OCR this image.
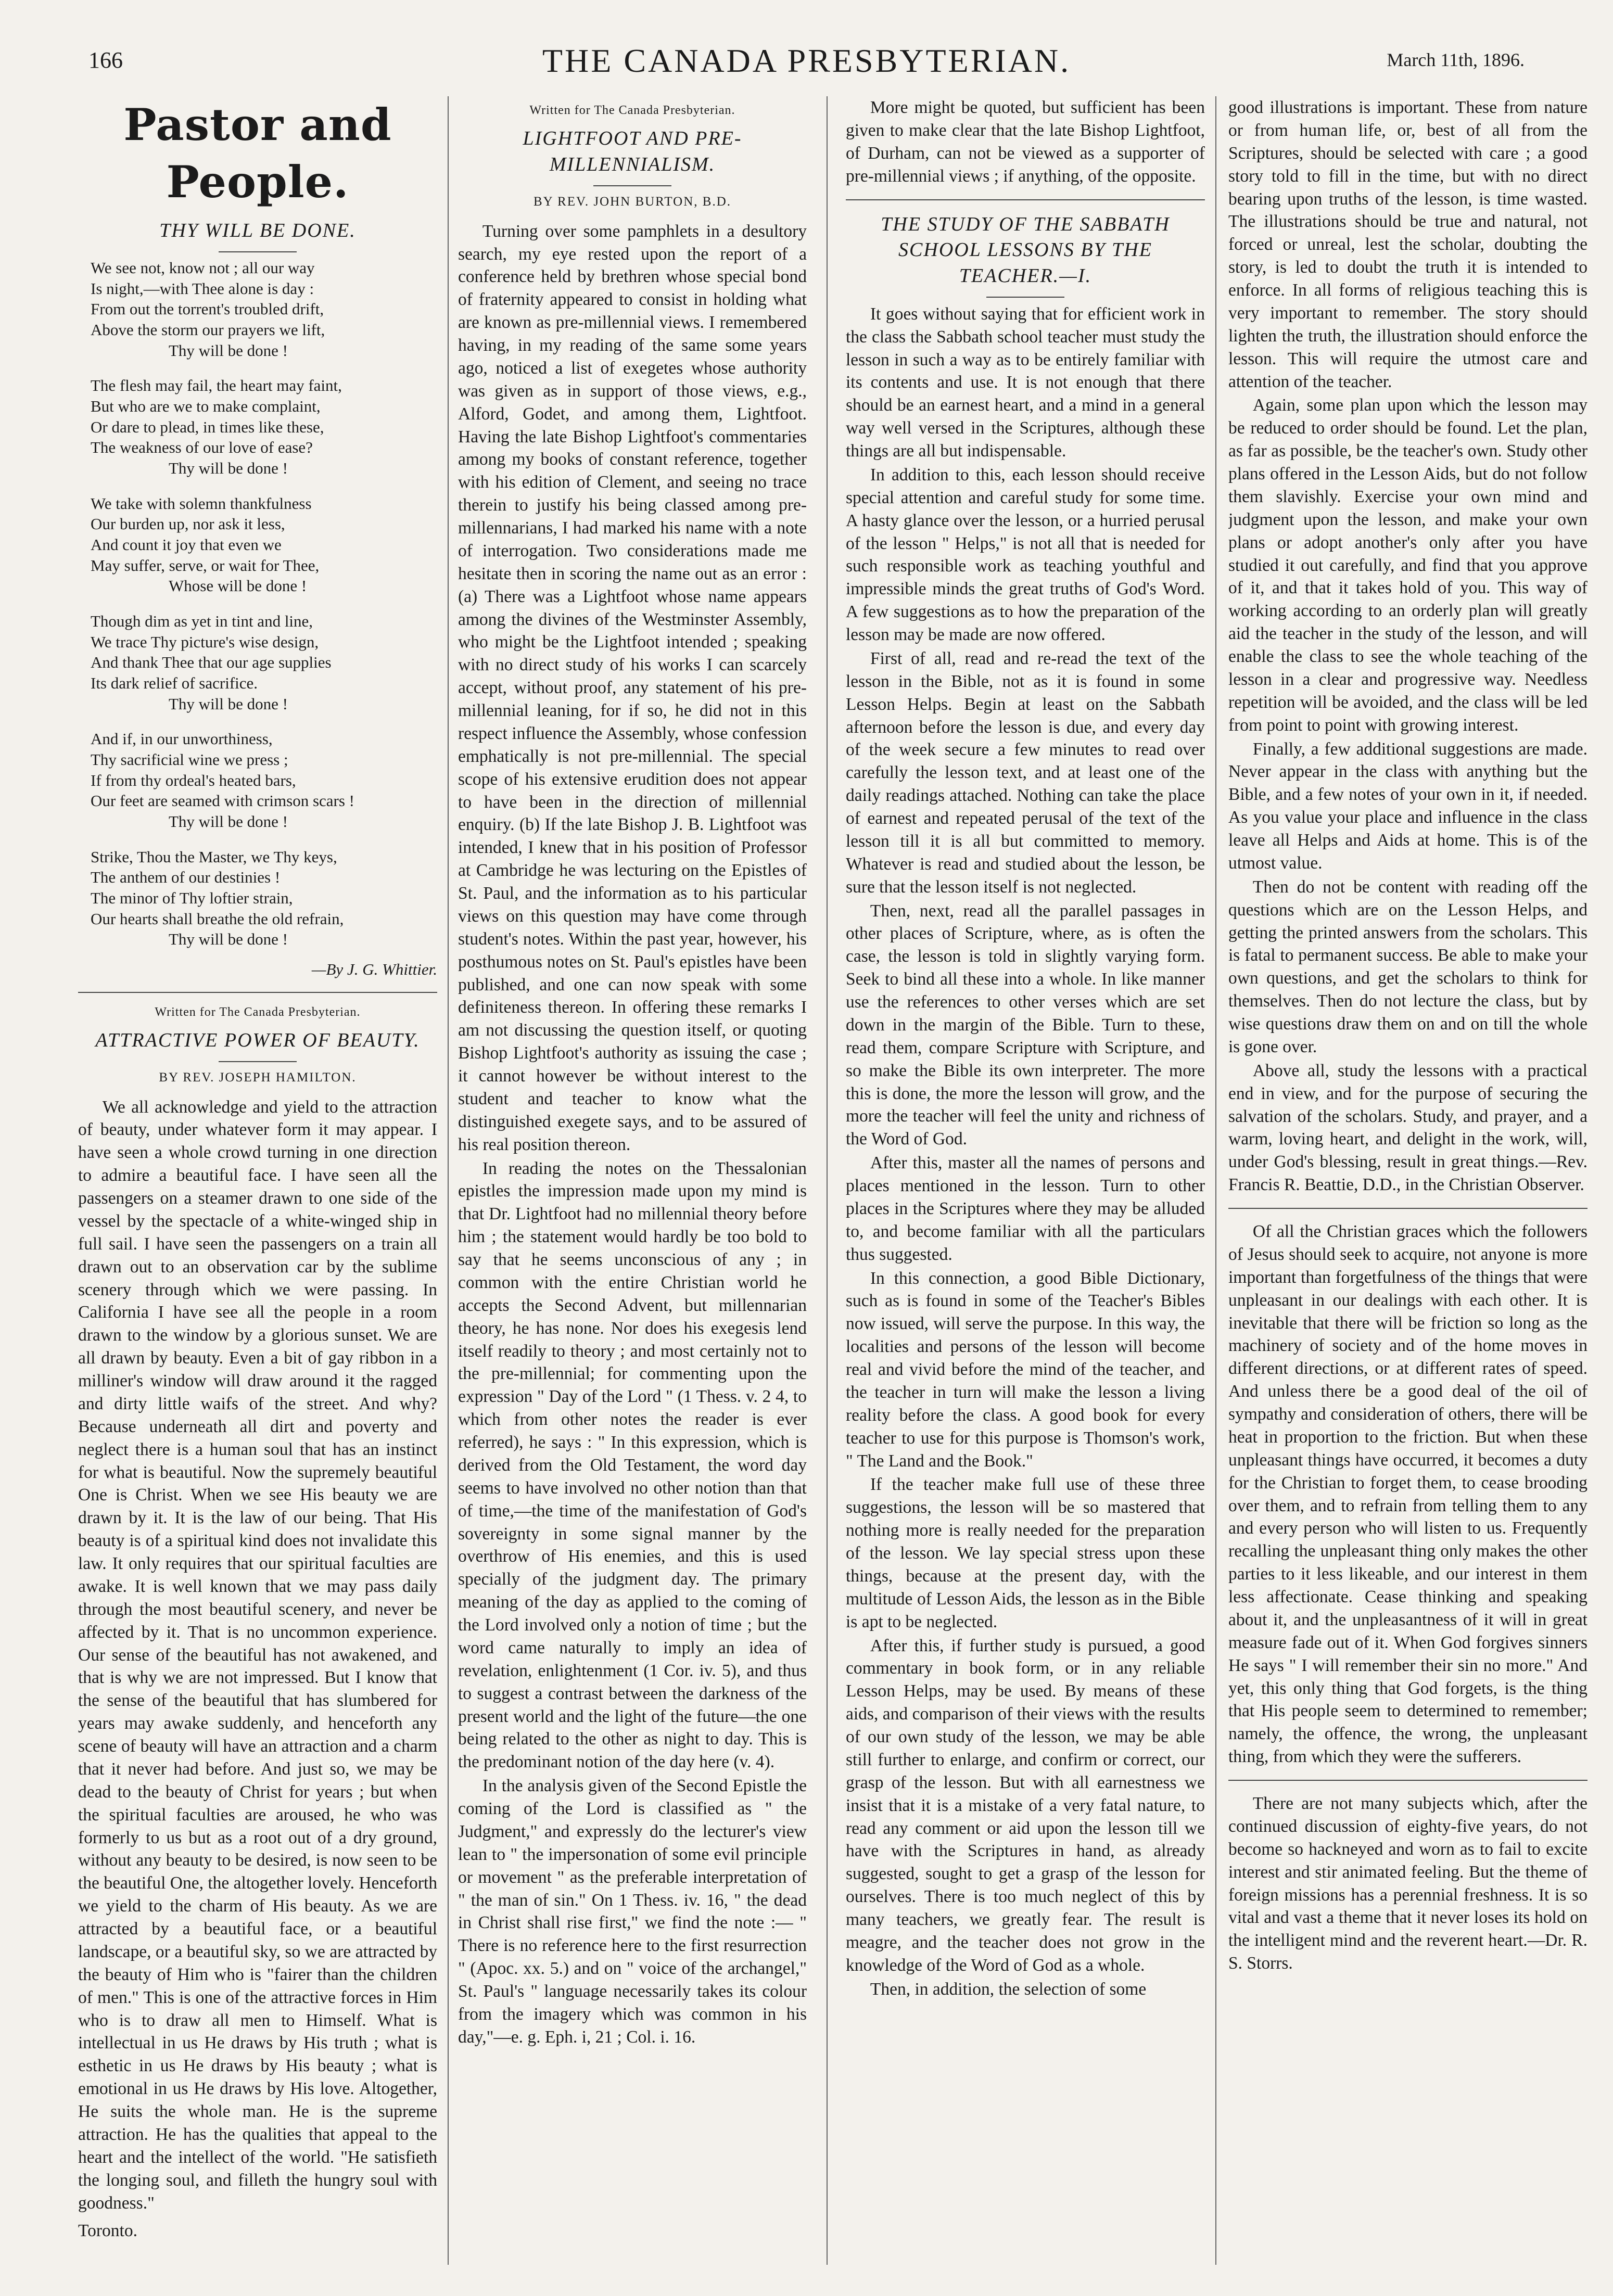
166	THE CANADA PRESBYTERIAN.	March 11th, 1896.
Pastor and People.
THY WILL BE DONE.
We see not, know not ; all our way
Is night,—with Thee alone is day :
From out the torrent's troubled drift,
Above the storm our prayers we lift,
Thy will be done !
The flesh may fail, the heart may faint,
But who are we to make complaint,
Or dare to plead, in times like these,
The weakness of our love of ease?
Thy will be done !
We take with solemn thankfulness
Our burden up, nor ask it less,
And count it joy that even we
May suffer, serve, or wait for Thee,
Whose will be done !
Though dim as yet in tint and line,
We trace Thy picture's wise design,
And thank Thee that our age supplies
Its dark relief of sacrifice.
Thy will be done !
And if, in our unworthiness,
Thy sacrificial wine we press ;
If from thy ordeal's heated bars,
Our feet are seamed with crimson scars !
Thy will be done !
Strike, Thou the Master, we Thy keys,
The anthem of our destinies !
The minor of Thy loftier strain,
Our hearts shall breathe the old refrain,
Thy will be done !
—By J. G. Whittier.
Written for The Canada Presbyterian.
ATTRACTIVE POWER OF BEAUTY.
BY REV. JOSEPH HAMILTON.

We all acknowledge and yield to the attraction of beauty, under whatever form it may appear. I have seen a whole crowd turning in one direction to admire a beautiful face. I have seen all the passengers on a steamer drawn to one side of the vessel by the spectacle of a white-winged ship in full sail. I have seen the passengers on a train all drawn out to an observation car by the sublime scenery through which we were passing. In California I have see all the people in a room drawn to the window by a glorious sunset. We are all drawn by beauty. Even a bit of gay ribbon in a milliner's window will draw around it the ragged and dirty little waifs of the street. And why? Because underneath all dirt and poverty and neglect there is a human soul that has an instinct for what is beautiful. Now the supremely beautiful One is Christ. When we see His beauty we are drawn by it. It is the law of our being. That His beauty is of a spiritual kind does not invalidate this law. It only requires that our spiritual faculties are awake. It is well known that we may pass daily through the most beautiful scenery, and never be affected by it. That is no uncommon experience. Our sense of the beautiful has not awakened, and that is why we are not impressed. But I know that the sense of the beautiful that has slumbered for years may awake suddenly, and henceforth any scene of beauty will have an attraction and a charm that it never had before. And just so, we may be dead to the beauty of Christ for years ; but when the spiritual faculties are aroused, he who was formerly to us but as a root out of a dry ground, without any beauty to be desired, is now seen to be the beautiful One, the altogether lovely. Henceforth we yield to the charm of His beauty. As we are attracted by a beautiful face, or a beautiful landscape, or a beautiful sky, so we are attracted by the beauty of Him who is "fairer than the children of men." This is one of the attractive forces in Him who is to draw all men to Himself. What is intellectual in us He draws by His truth ; what is esthetic in us He draws by His beauty ; what is emotional in us He draws by His love. Altogether, He suits the whole man. He is the supreme attraction. He has the qualities that appeal to the heart and the intellect of the world. "He satisfieth the longing soul, and filleth the hungry soul with goodness."

Toronto.
Written for The Canada Presbyterian.
LIGHTFOOT AND PRE-MILLENNIALISM.
BY REV. JOHN BURTON, B.D.

Turning over some pamphlets in a desultory search, my eye rested upon the report of a conference held by brethren whose special bond of fraternity appeared to consist in holding what are known as pre-millennial views. I remembered having, in my reading of the same some years ago, noticed a list of exegetes whose authority was given as in support of those views, e.g., Alford, Godet, and among them, Lightfoot. Having the late Bishop Lightfoot's commentaries among my books of constant reference, together with his edition of Clement, and seeing no trace therein to justify his being classed among pre-millennarians, I had marked his name with a note of interrogation. Two considerations made me hesitate then in scoring the name out as an error : (a) There was a Lightfoot whose name appears among the divines of the Westminster Assembly, who might be the Lightfoot intended ; speaking with no direct study of his works I can scarcely accept, without proof, any statement of his pre-millennial leaning, for if so, he did not in this respect influence the Assembly, whose confession emphatically is not pre-millennial. The special scope of his extensive erudition does not appear to have been in the direction of millennial enquiry. (b) If the late Bishop J. B. Lightfoot was intended, I knew that in his position of Professor at Cambridge he was lecturing on the Epistles of St. Paul, and the information as to his particular views on this question may have come through student's notes. Within the past year, however, his posthumous notes on St. Paul's epistles have been published, and one can now speak with some definiteness thereon. In offering these remarks I am not discussing the question itself, or quoting Bishop Lightfoot's authority as issuing the case ; it cannot however be without interest to the student and teacher to know what the distinguished exegete says, and to be assured of his real position thereon.

In reading the notes on the Thessalonian epistles the impression made upon my mind is that Dr. Lightfoot had no millennial theory before him ; the statement would hardly be too bold to say that he seems unconscious of any ; in common with the entire Christian world he accepts the Second Advent, but millennarian theory, he has none. Nor does his exegesis lend itself readily to theory ; and most certainly not to the pre-millennial; for commenting upon the expression " Day of the Lord " (1 Thess. v. 2 4, to which from other notes the reader is ever referred), he says : " In this expression, which is derived from the Old Testament, the word day seems to have involved no other notion than that of time,—the time of the manifestation of God's sovereignty in some signal manner by the overthrow of His enemies, and this is used specially of the judgment day. The primary meaning of the day as applied to the coming of the Lord involved only a notion of time ; but the word came naturally to imply an idea of revelation, enlightenment (1 Cor. iv. 5), and thus to suggest a contrast between the darkness of the present world and the light of the future—the one being related to the other as night to day. This is the predominant notion of the day here (v. 4).

In the analysis given of the Second Epistle the coming of the Lord is classified as " the Judgment," and expressly do the lecturer's view lean to " the impersonation of some evil principle or movement " as the preferable interpretation of " the man of sin." On 1 Thess. iv. 16, " the dead in Christ shall rise first," we find the note :— " There is no reference here to the first resurrection " (Apoc. xx. 5.) and on " voice of the archangel," St. Paul's " language necessarily takes its colour from the imagery which was common in his day,"—e. g. Eph. i, 21 ; Col. i. 16.

More might be quoted, but sufficient has been given to make clear that the late Bishop Lightfoot, of Durham, can not be viewed as a supporter of pre-millennial views ; if anything, of the opposite.

THE STUDY OF THE SABBATH SCHOOL LESSONS BY THE TEACHER.—I.

It goes without saying that for efficient work in the class the Sabbath school teacher must study the lesson in such a way as to be entirely familiar with its contents and use. It is not enough that there should be an earnest heart, and a mind in a general way well versed in the Scriptures, although these things are all but indispensable.

In addition to this, each lesson should receive special attention and careful study for some time. A hasty glance over the lesson, or a hurried perusal of the lesson " Helps," is not all that is needed for such responsible work as teaching youthful and impressible minds the great truths of God's Word. A few suggestions as to how the preparation of the lesson may be made are now offered.

First of all, read and re-read the text of the lesson in the Bible, not as it is found in some Lesson Helps. Begin at least on the Sabbath afternoon before the lesson is due, and every day of the week secure a few minutes to read over carefully the lesson text, and at least one of the daily readings attached. Nothing can take the place of earnest and repeated perusal of the text of the lesson till it is all but committed to memory. Whatever is read and studied about the lesson, be sure that the lesson itself is not neglected.

Then, next, read all the parallel passages in other places of Scripture, where, as is often the case, the lesson is told in slightly varying form. Seek to bind all these into a whole. In like manner use the references to other verses which are set down in the margin of the Bible. Turn to these, read them, compare Scripture with Scripture, and so make the Bible its own interpreter. The more this is done, the more the lesson will grow, and the more the teacher will feel the unity and richness of the Word of God.

After this, master all the names of persons and places mentioned in the lesson. Turn to other places in the Scriptures where they may be alluded to, and become familiar with all the particulars thus suggested.

In this connection, a good Bible Dictionary, such as is found in some of the Teacher's Bibles now issued, will serve the purpose. In this way, the localities and persons of the lesson will become real and vivid before the mind of the teacher, and the teacher in turn will make the lesson a living reality before the class. A good book for every teacher to use for this purpose is Thomson's work, " The Land and the Book."

If the teacher make full use of these three suggestions, the lesson will be so mastered that nothing more is really needed for the preparation of the lesson. We lay special stress upon these things, because at the present day, with the multitude of Lesson Aids, the lesson as in the Bible is apt to be neglected.

After this, if further study is pursued, a good commentary in book form, or in any reliable Lesson Helps, may be used. By means of these aids, and comparison of their views with the results of our own study of the lesson, we may be able still further to enlarge, and confirm or correct, our grasp of the lesson. But with all earnestness we insist that it is a mistake of a very fatal nature, to read any comment or aid upon the lesson till we have with the Scriptures in hand, as already suggested, sought to get a grasp of the lesson for ourselves. There is too much neglect of this by many teachers, we greatly fear. The result is meagre, and the teacher does not grow in the knowledge of the Word of God as a whole.

Then, in addition, the selection of some

good illustrations is important. These from nature or from human life, or, best of all from the Scriptures, should be selected with care ; a good story told to fill in the time, but with no direct bearing upon truths of the lesson, is time wasted. The illustrations should be true and natural, not forced or unreal, lest the scholar, doubting the story, is led to doubt the truth it is intended to enforce. In all forms of religious teaching this is very important to remember. The story should lighten the truth, the illustration should enforce the lesson. This will require the utmost care and attention of the teacher.

Again, some plan upon which the lesson may be reduced to order should be found. Let the plan, as far as possible, be the teacher's own. Study other plans offered in the Lesson Aids, but do not follow them slavishly. Exercise your own mind and judgment upon the lesson, and make your own plans or adopt another's only after you have studied it out carefully, and find that you approve of it, and that it takes hold of you. This way of working according to an orderly plan will greatly aid the teacher in the study of the lesson, and will enable the class to see the whole teaching of the lesson in a clear and progressive way. Needless repetition will be avoided, and the class will be led from point to point with growing interest.

Finally, a few additional suggestions are made. Never appear in the class with anything but the Bible, and a few notes of your own in it, if needed. As you value your place and influence in the class leave all Helps and Aids at home. This is of the utmost value.

Then do not be content with reading off the questions which are on the Lesson Helps, and getting the printed answers from the scholars. This is fatal to permanent success. Be able to make your own questions, and get the scholars to think for themselves. Then do not lecture the class, but by wise questions draw them on and on till the whole is gone over.

Above all, study the lessons with a practical end in view, and for the purpose of securing the salvation of the scholars. Study, and prayer, and a warm, loving heart, and delight in the work, will, under God's blessing, result in great things.—Rev. Francis R. Beattie, D.D., in the Christian Observer.

Of all the Christian graces which the followers of Jesus should seek to acquire, not anyone is more important than forgetfulness of the things that were unpleasant in our dealings with each other. It is inevitable that there will be friction so long as the machinery of society and of the home moves in different directions, or at different rates of speed. And unless there be a good deal of the oil of sympathy and consideration of others, there will be heat in proportion to the friction. But when these unpleasant things have occurred, it becomes a duty for the Christian to forget them, to cease brooding over them, and to refrain from telling them to any and every person who will listen to us. Frequently recalling the unpleasant thing only makes the other parties to it less likeable, and our interest in them less affectionate. Cease thinking and speaking about it, and the unpleasantness of it will in great measure fade out of it. When God forgives sinners He says " I will remember their sin no more." And yet, this only thing that God forgets, is the thing that His people seem to determined to remember; namely, the offence, the wrong, the unpleasant thing, from which they were the sufferers.

There are not many subjects which, after the continued discussion of eighty-five years, do not become so hackneyed and worn as to fail to excite interest and stir animated feeling. But the theme of foreign missions has a perennial freshness. It is so vital and vast a theme that it never loses its hold on the intelligent mind and the reverent heart.—Dr. R. S. Storrs.
